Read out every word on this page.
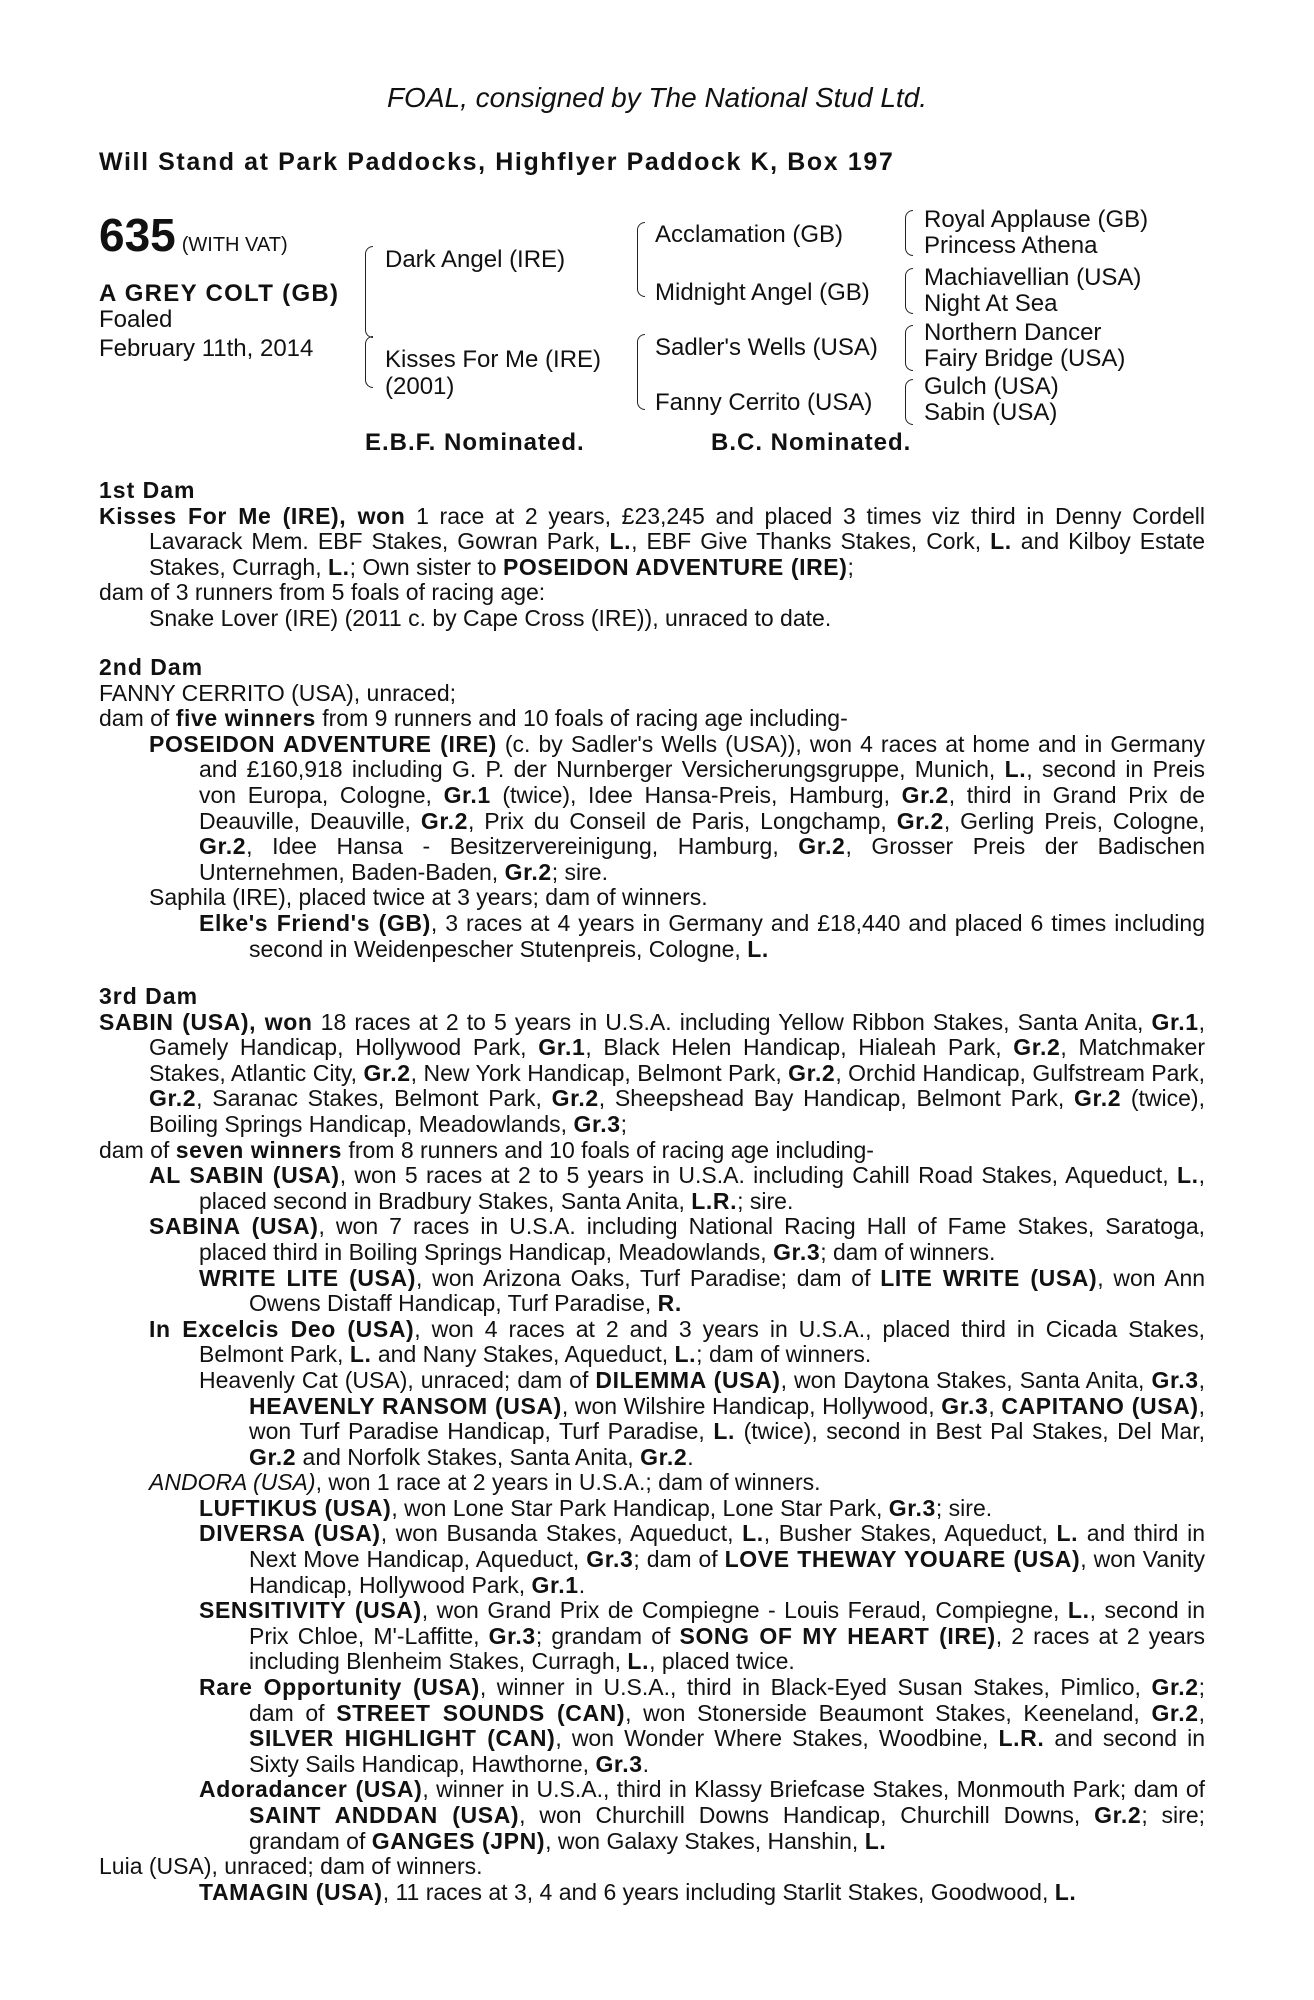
FOAL, consigned by The National Stud Ltd.
Will Stand at Park Paddocks, Highflyer Paddock K, Box 197
635 (WITH VAT)
A GREY COLT (GB)
Foaled
February 11th, 2014
Dark Angel (IRE)
Kisses For Me (IRE)
(2001)
Acclamation (GB)
Midnight Angel (GB)
Sadler's Wells (USA)
Fanny Cerrito (USA)
Royal Applause (GB)
Princess Athena
Machiavellian (USA)
Night At Sea
Northern Dancer
Fairy Bridge (USA)
Gulch (USA)
Sabin (USA)
E.B.F. Nominated.	B.C. Nominated.

1st Dam

Kisses For Me (IRE), won 1 race at 2 years, £23,245 and placed 3 times viz third in Denny Cordell Lavarack Mem. EBF Stakes, Gowran Park, L., EBF Give Thanks Stakes, Cork, L. and Kilboy Estate Stakes, Curragh, L.; Own sister to POSEIDON ADVENTURE (IRE);

dam of 3 runners from 5 foals of racing age:

Snake Lover (IRE) (2011 c. by Cape Cross (IRE)), unraced to date.

2nd Dam

FANNY CERRITO (USA), unraced;

dam of five winners from 9 runners and 10 foals of racing age including-

POSEIDON ADVENTURE (IRE) (c. by Sadler's Wells (USA)), won 4 races at home and in Germany and £160,918 including G. P. der Nurnberger Versicherungsgruppe, Munich, L., second in Preis von Europa, Cologne, Gr.1 (twice), Idee Hansa-Preis, Hamburg, Gr.2, third in Grand Prix de Deauville, Deauville, Gr.2, Prix du Conseil de Paris, Longchamp, Gr.2, Gerling Preis, Cologne, Gr.2, Idee Hansa - Besitzervereinigung, Hamburg, Gr.2, Grosser Preis der Badischen Unternehmen, Baden-Baden, Gr.2; sire.

Saphila (IRE), placed twice at 3 years; dam of winners.

Elke's Friend's (GB), 3 races at 4 years in Germany and £18,440 and placed 6 times including second in Weidenpescher Stutenpreis, Cologne, L.

3rd Dam

SABIN (USA), won 18 races at 2 to 5 years in U.S.A. including Yellow Ribbon Stakes, Santa Anita, Gr.1, Gamely Handicap, Hollywood Park, Gr.1, Black Helen Handicap, Hialeah Park, Gr.2, Matchmaker Stakes, Atlantic City, Gr.2, New York Handicap, Belmont Park, Gr.2, Orchid Handicap, Gulfstream Park, Gr.2, Saranac Stakes, Belmont Park, Gr.2, Sheepshead Bay Handicap, Belmont Park, Gr.2 (twice), Boiling Springs Handicap, Meadowlands, Gr.3;

dam of seven winners from 8 runners and 10 foals of racing age including-

AL SABIN (USA), won 5 races at 2 to 5 years in U.S.A. including Cahill Road Stakes, Aqueduct, L., placed second in Bradbury Stakes, Santa Anita, L.R.; sire.

SABINA (USA), won 7 races in U.S.A. including National Racing Hall of Fame Stakes, Saratoga, placed third in Boiling Springs Handicap, Meadowlands, Gr.3; dam of winners.

WRITE LITE (USA), won Arizona Oaks, Turf Paradise; dam of LITE WRITE (USA), won Ann Owens Distaff Handicap, Turf Paradise, R.

In Excelcis Deo (USA), won 4 races at 2 and 3 years in U.S.A., placed third in Cicada Stakes, Belmont Park, L. and Nany Stakes, Aqueduct, L.; dam of winners.

Heavenly Cat (USA), unraced; dam of DILEMMA (USA), won Daytona Stakes, Santa Anita, Gr.3, HEAVENLY RANSOM (USA), won Wilshire Handicap, Hollywood, Gr.3, CAPITANO (USA), won Turf Paradise Handicap, Turf Paradise, L. (twice), second in Best Pal Stakes, Del Mar, Gr.2 and Norfolk Stakes, Santa Anita, Gr.2.

ANDORA (USA), won 1 race at 2 years in U.S.A.; dam of winners.

LUFTIKUS (USA), won Lone Star Park Handicap, Lone Star Park, Gr.3; sire.

DIVERSA (USA), won Busanda Stakes, Aqueduct, L., Busher Stakes, Aqueduct, L. and third in Next Move Handicap, Aqueduct, Gr.3; dam of LOVE THEWAY YOUARE (USA), won Vanity Handicap, Hollywood Park, Gr.1.

SENSITIVITY (USA), won Grand Prix de Compiegne - Louis Feraud, Compiegne, L., second in Prix Chloe, M'-Laffitte, Gr.3; grandam of SONG OF MY HEART (IRE), 2 races at 2 years including Blenheim Stakes, Curragh, L., placed twice.

Rare Opportunity (USA), winner in U.S.A., third in Black-Eyed Susan Stakes, Pimlico, Gr.2; dam of STREET SOUNDS (CAN), won Stonerside Beaumont Stakes, Keeneland, Gr.2, SILVER HIGHLIGHT (CAN), won Wonder Where Stakes, Woodbine, L.R. and second in Sixty Sails Handicap, Hawthorne, Gr.3.

Adoradancer (USA), winner in U.S.A., third in Klassy Briefcase Stakes, Monmouth Park; dam of SAINT ANDDAN (USA), won Churchill Downs Handicap, Churchill Downs, Gr.2; sire; grandam of GANGES (JPN), won Galaxy Stakes, Hanshin, L.

Luia (USA), unraced; dam of winners.

TAMAGIN (USA), 11 races at 3, 4 and 6 years including Starlit Stakes, Goodwood, L.
